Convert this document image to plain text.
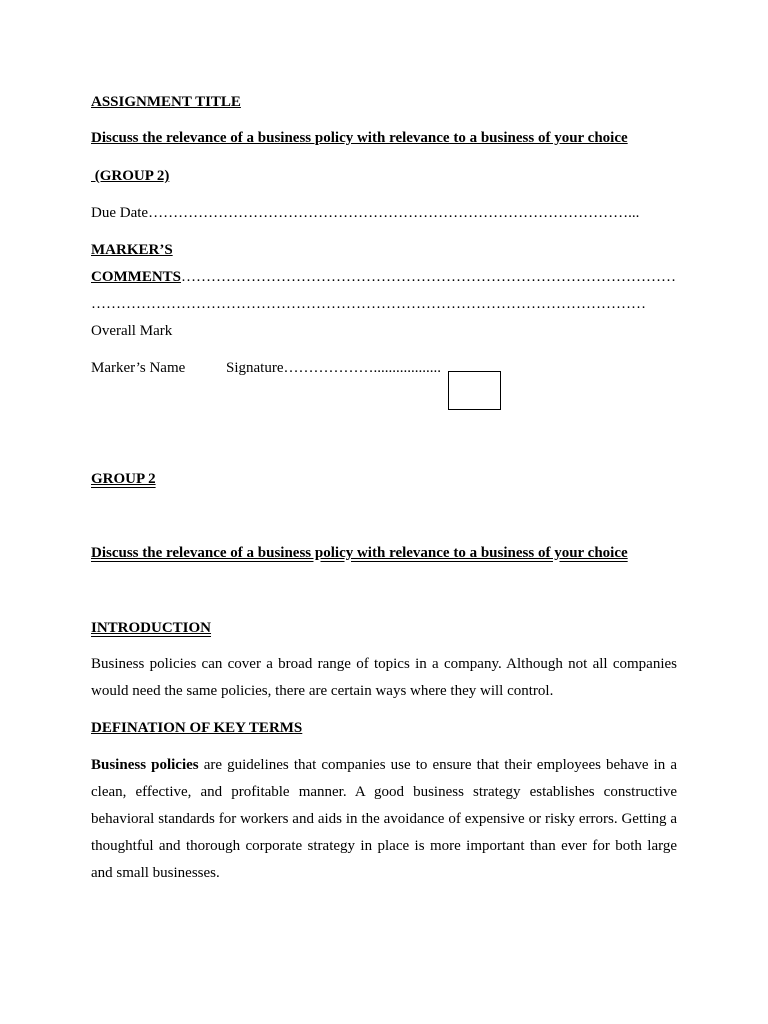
ASSIGNMENT TITLE
Discuss the relevance of a business policy with relevance to a business of your choice
(GROUP 2)
Due Date……………………………………………………………………………………...
MARKER’S
COMMENTS………………………………………………………………………………………
…………………………………………………………………………………………………
Overall Mark
Marker’s Name	Signature………………..................
GROUP 2
Discuss the relevance of a business policy with relevance to a business of your choice
INTRODUCTION
Business policies can cover a broad range of topics in a company. Although not all companies would need the same policies, there are certain ways where they will control.
DEFINATION OF KEY TERMS
Business policies are guidelines that companies use to ensure that their employees behave in a clean, effective, and profitable manner. A good business strategy establishes constructive behavioral standards for workers and aids in the avoidance of expensive or risky errors. Getting a thoughtful and thorough corporate strategy in place is more important than ever for both large and small businesses.
